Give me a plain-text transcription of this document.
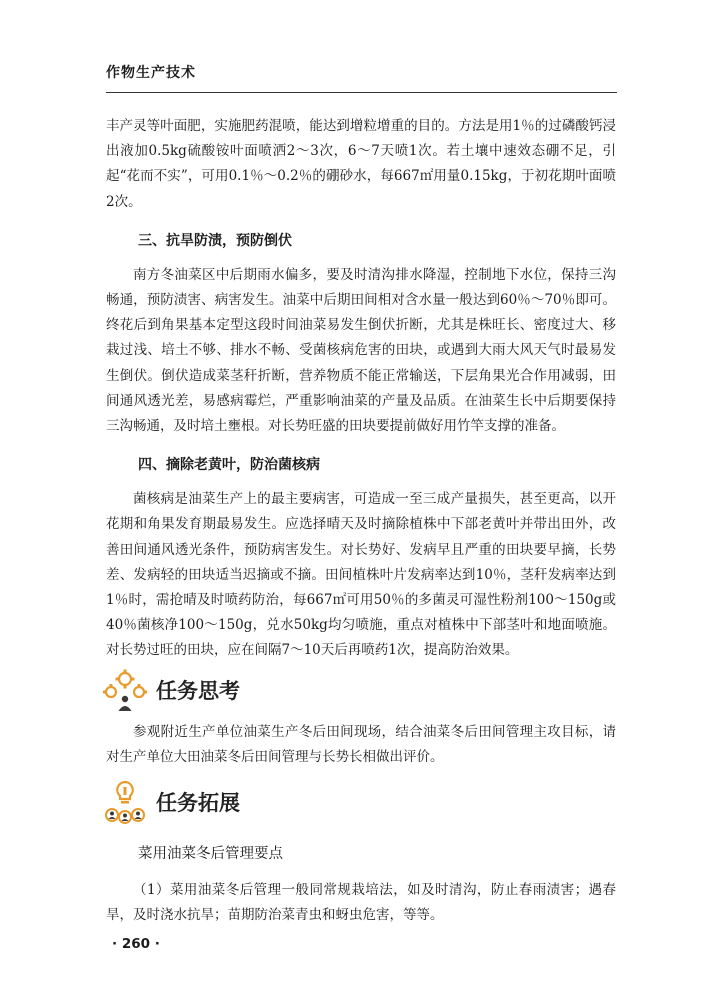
作物生产技术

丰产灵等叶面肥，实施肥药混喷，能达到增粒增重的目的。方法是用1％的过磷酸钙浸出液加0.5kg硫酸铵叶面喷洒2～3次，6～7天喷1次。若土壤中速效态硼不足，引起“花而不实”，可用0.1％～0.2％的硼砂水，每667㎡用量0.15kg，于初花期叶面喷2次。

三、抗旱防渍，预防倒伏

南方冬油菜区中后期雨水偏多，要及时清沟排水降湿，控制地下水位，保持三沟畅通，预防渍害、病害发生。油菜中后期田间相对含水量一般达到60％～70％即可。终花后到角果基本定型这段时间油菜易发生倒伏折断，尤其是株旺长、密度过大、移栽过浅、培土不够、排水不畅、受菌核病危害的田块，或遇到大雨大风天气时最易发生倒伏。倒伏造成菜茎秆折断，营养物质不能正常输送，下层角果光合作用减弱，田间通风透光差，易感病霉烂，严重影响油菜的产量及品质。在油菜生长中后期要保持三沟畅通，及时培土壅根。对长势旺盛的田块要提前做好用竹竿支撑的准备。

四、摘除老黄叶，防治菌核病

菌核病是油菜生产上的最主要病害，可造成一至三成产量损失，甚至更高，以开花期和角果发育期最易发生。应选择晴天及时摘除植株中下部老黄叶并带出田外，改善田间通风透光条件，预防病害发生。对长势好、发病早且严重的田块要早摘，长势差、发病轻的田块适当迟摘或不摘。田间植株叶片发病率达到10％，茎秆发病率达到1％时，需抢晴及时喷药防治，每667㎡可用50％的多菌灵可湿性粉剂100～150g或40％菌核净100～150g，兑水50kg均匀喷施，重点对植株中下部茎叶和地面喷施。对长势过旺的田块，应在间隔7～10天后再喷药1次，提高防治效果。

任务思考

参观附近生产单位油菜生产冬后田间现场，结合油菜冬后田间管理主攻目标，请对生产单位大田油菜冬后田间管理与长势长相做出评价。

任务拓展
菜用油菜冬后管理要点

（1）菜用油菜冬后管理一般同常规栽培法，如及时清沟，防止春雨渍害；遇春旱，及时浇水抗旱；苗期防治菜青虫和蚜虫危害，等等。

· 260 ·
